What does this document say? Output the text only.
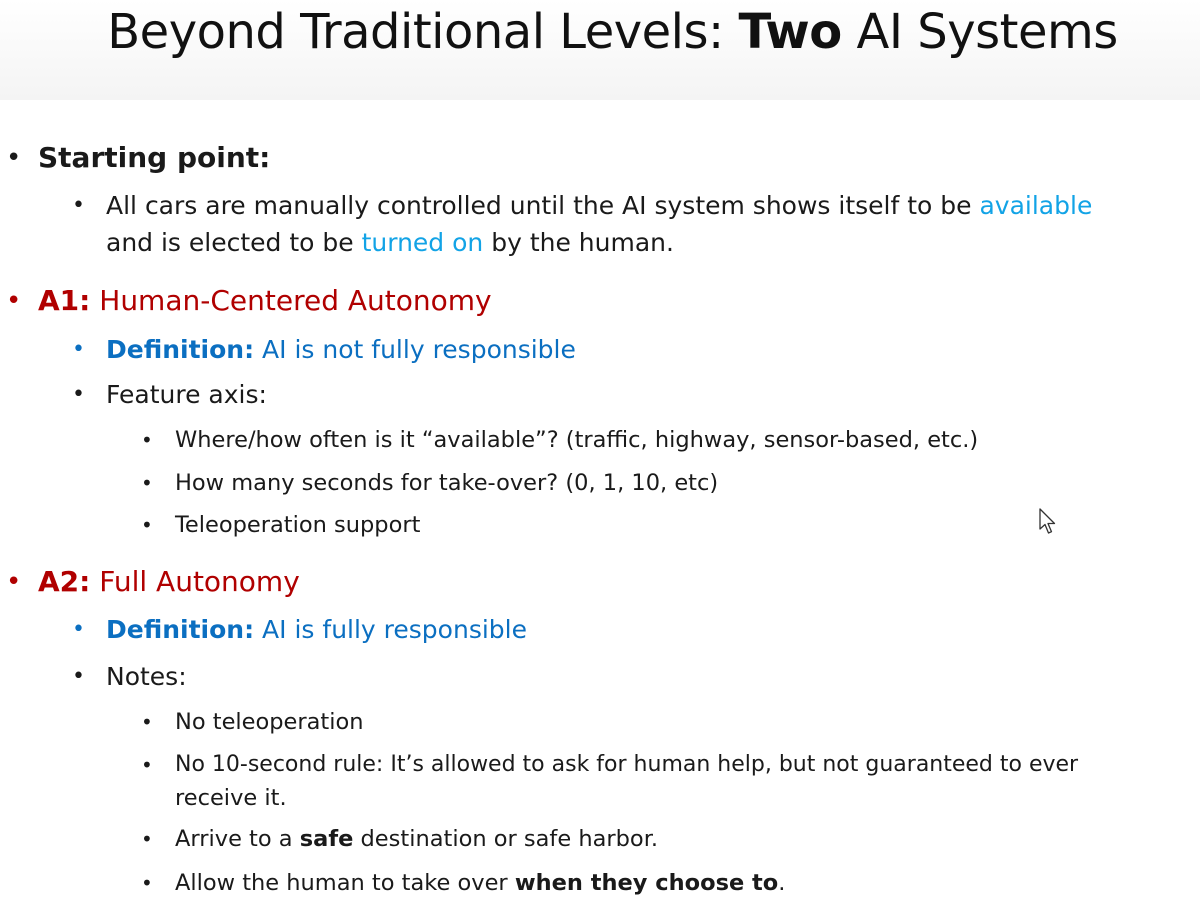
Beyond Traditional Levels: Two AI Systems
• Starting point:
• All cars are manually controlled until the AI system shows itself to be available
and is elected to be turned on by the human.
• A1: Human-Centered Autonomy
• Definition: AI is not fully responsible
• Feature axis:
• Where/how often is it “available”? (traffic, highway, sensor-based, etc.)
• How many seconds for take-over? (0, 1, 10, etc)
• Teleoperation support
• A2: Full Autonomy
• Definition: AI is fully responsible
• Notes:
• No teleoperation
• No 10-second rule: It’s allowed to ask for human help, but not guaranteed to ever
receive it.
• Arrive to a safe destination or safe harbor.
• Allow the human to take over when they choose to.
